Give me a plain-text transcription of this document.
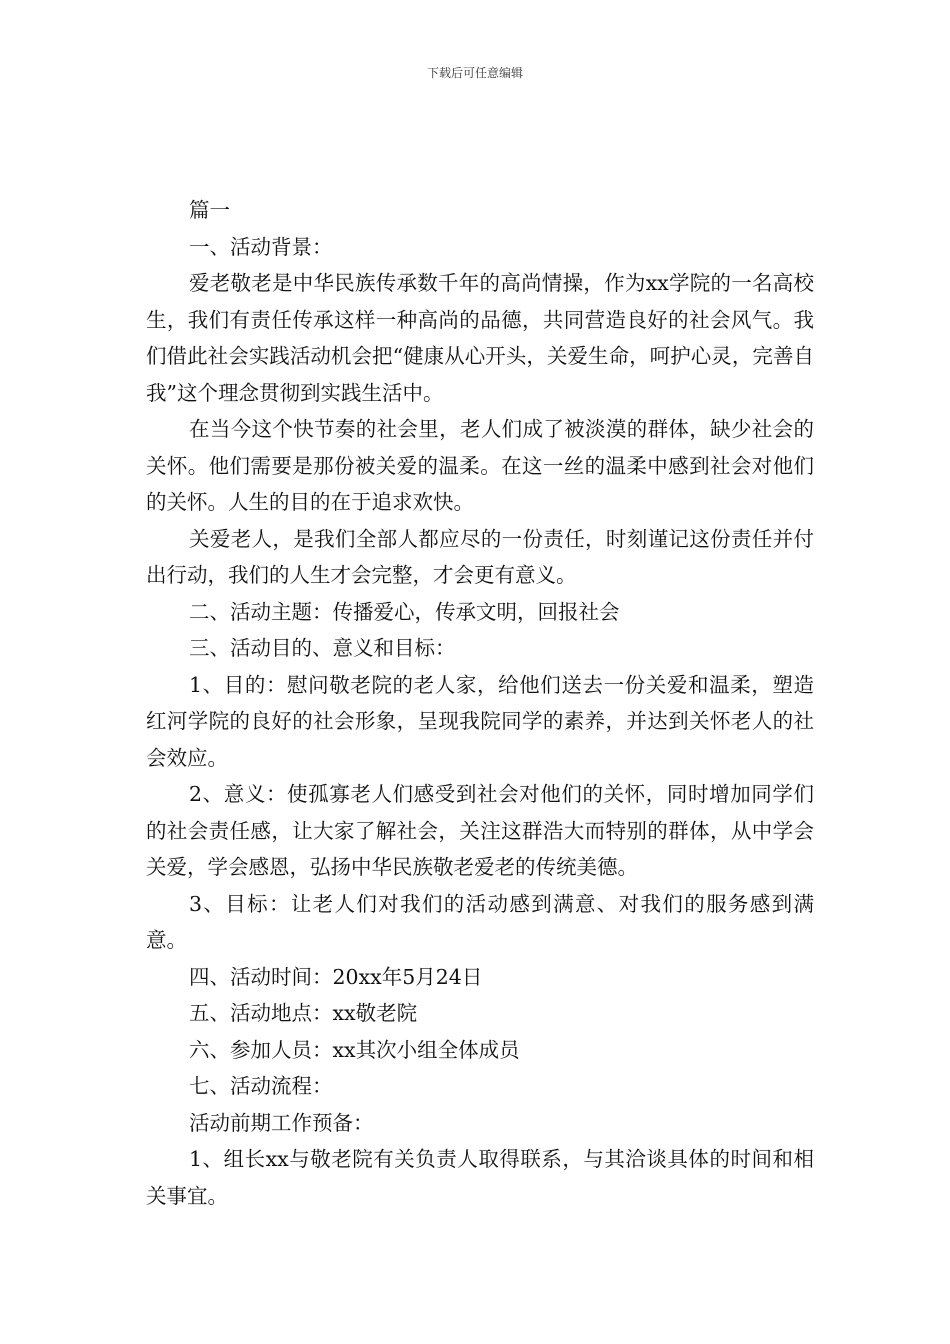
下载后可任意编辑

篇一

一、活动背景：

爱老敬老是中华民族传承数千年的高尚情操，作为xx学院的一名高校生，我们有责任传承这样一种高尚的品德，共同营造良好的社会风气。我们借此社会实践活动机会把“健康从心开头，关爱生命，呵护心灵，完善自我”这个理念贯彻到实践生活中。

在当今这个快节奏的社会里，老人们成了被淡漠的群体，缺少社会的关怀。他们需要是那份被关爱的温柔。在这一丝的温柔中感到社会对他们的关怀。人生的目的在于追求欢快。

关爱老人，是我们全部人都应尽的一份责任，时刻谨记这份责任并付出行动，我们的人生才会完整，才会更有意义。

二、活动主题：传播爱心，传承文明，回报社会

三、活动目的、意义和目标：

1、目的：慰问敬老院的老人家，给他们送去一份关爱和温柔，塑造红河学院的良好的社会形象，呈现我院同学的素养，并达到关怀老人的社会效应。

2、意义：使孤寡老人们感受到社会对他们的关怀，同时增加同学们的社会责任感，让大家了解社会，关注这群浩大而特别的群体，从中学会关爱，学会感恩，弘扬中华民族敬老爱老的传统美德。

3、目标：让老人们对我们的活动感到满意、对我们的服务感到满意。

四、活动时间：20xx年5月24日

五、活动地点：xx敬老院

六、参加人员：xx其次小组全体成员

七、活动流程：

活动前期工作预备：

1、组长xx与敬老院有关负责人取得联系，与其洽谈具体的时间和相关事宜。
